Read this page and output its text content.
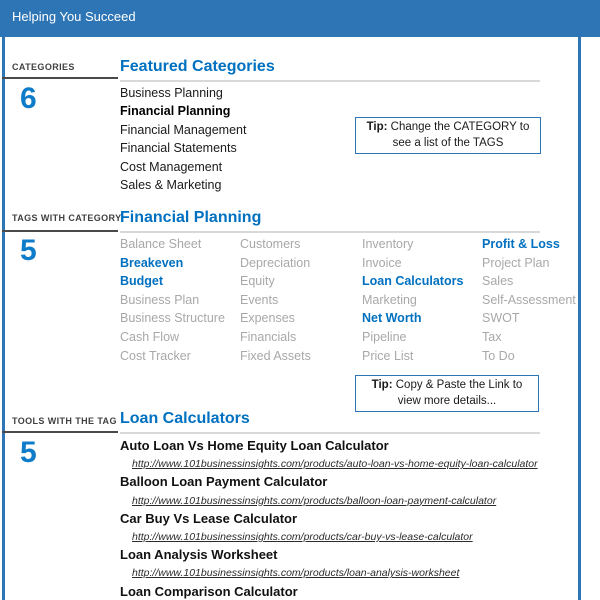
Helping You Succeed
CATEGORIES
6
Featured Categories
Business Planning
Financial Planning
Financial Management
Financial Statements
Cost Management
Sales & Marketing
Tip: Change the CATEGORY to
see a list of the TAGS
TAGS WITH CATEGORY
5
Financial Planning
Balance Sheet
Breakeven
Budget
Business Plan
Business Structure
Cash Flow
Cost Tracker
Customers
Depreciation
Equity
Events
Expenses
Financials
Fixed Assets
Inventory
Invoice
Loan Calculators
Marketing
Net Worth
Pipeline
Price List
Profit & Loss
Project Plan
Sales
Self-Assessment
SWOT
Tax
To Do
Tip: Copy & Paste the Link to
view more details...
TOOLS WITH THE TAG
5
Loan Calculators
Auto Loan Vs Home Equity Loan Calculator
http://www.101businessinsights.com/products/auto-loan-vs-home-equity-loan-calculator
Balloon Loan Payment Calculator
http://www.101businessinsights.com/products/balloon-loan-payment-calculator
Car Buy Vs Lease Calculator
http://www.101businessinsights.com/products/car-buy-vs-lease-calculator
Loan Analysis Worksheet
http://www.101businessinsights.com/products/loan-analysis-worksheet
Loan Comparison Calculator
